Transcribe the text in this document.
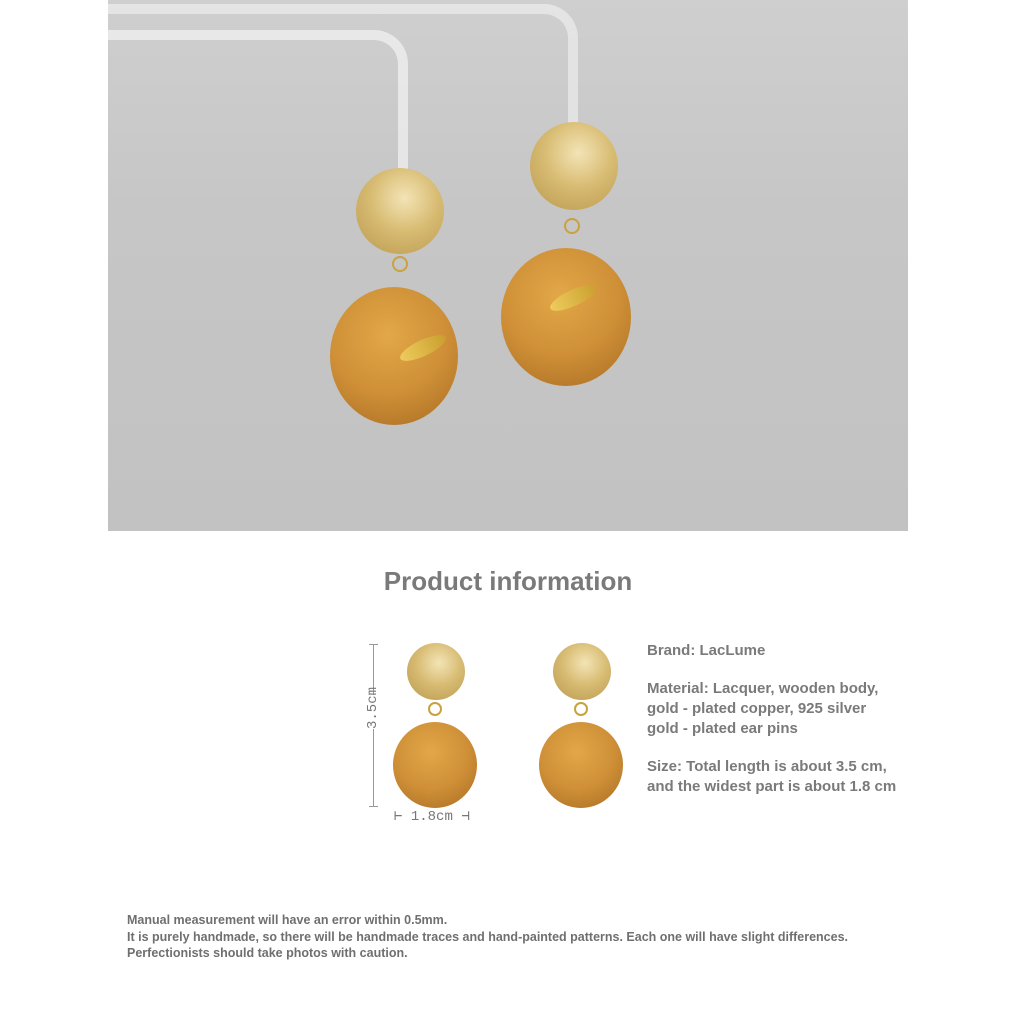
Product information
3.5cm
⊢ 1.8cm ⊣

Brand: LacLume

Material: Lacquer, wooden body, gold - plated copper, 925 silver gold - plated ear pins

Size: Total length is about 3.5 cm, and the widest part is about 1.8 cm

Manual measurement will have an error within 0.5mm.
It is purely handmade, so there will be handmade traces and hand-painted patterns. Each one will have slight differences.
Perfectionists should take photos with caution.
